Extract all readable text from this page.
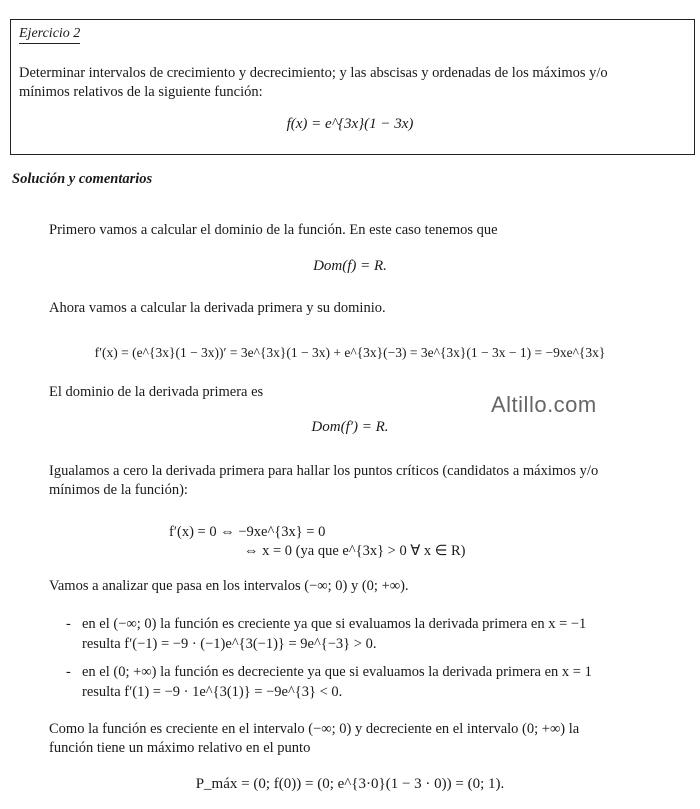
Ejercicio 2
Determinar intervalos de crecimiento y decrecimiento; y las abscisas y ordenadas de los máximos y/o
mínimos relativos de la siguiente función:
f(x) = e^{3x}(1 − 3x)
Solución y comentarios
Primero vamos a calcular el dominio de la función. En este caso tenemos que
Dom(f) = R.
Ahora vamos a calcular la derivada primera y su dominio.
f′(x) = (e^{3x}(1 − 3x))′ = 3e^{3x}(1 − 3x) + e^{3x}(−3) = 3e^{3x}(1 − 3x − 1) = −9xe^{3x}
El dominio de la derivada primera es	Altillo.com
Dom(f′) = R.
Igualamos a cero la derivada primera para hallar los puntos críticos (candidatos a máximos y/o
mínimos de la función):
f′(x) = 0 ⇔ −9xe^{3x} = 0
⇔ x = 0 (ya que e^{3x} > 0 ∀ x ∈ R)
Vamos a analizar que pasa en los intervalos (−∞; 0) y (0; +∞).
- en el (−∞; 0) la función es creciente ya que si evaluamos la derivada primera en x = −1
resulta f′(−1) = −9 · (−1)e^{3(−1)} = 9e^{−3} > 0.
- en el (0; +∞) la función es decreciente ya que si evaluamos la derivada primera en x = 1
resulta f′(1) = −9 · 1e^{3(1)} = −9e^{3} < 0.
Como la función es creciente en el intervalo (−∞; 0) y decreciente en el intervalo (0; +∞) la
función tiene un máximo relativo en el punto
P_máx = (0; f(0)) = (0; e^{3·0}(1 − 3 · 0)) = (0; 1).
